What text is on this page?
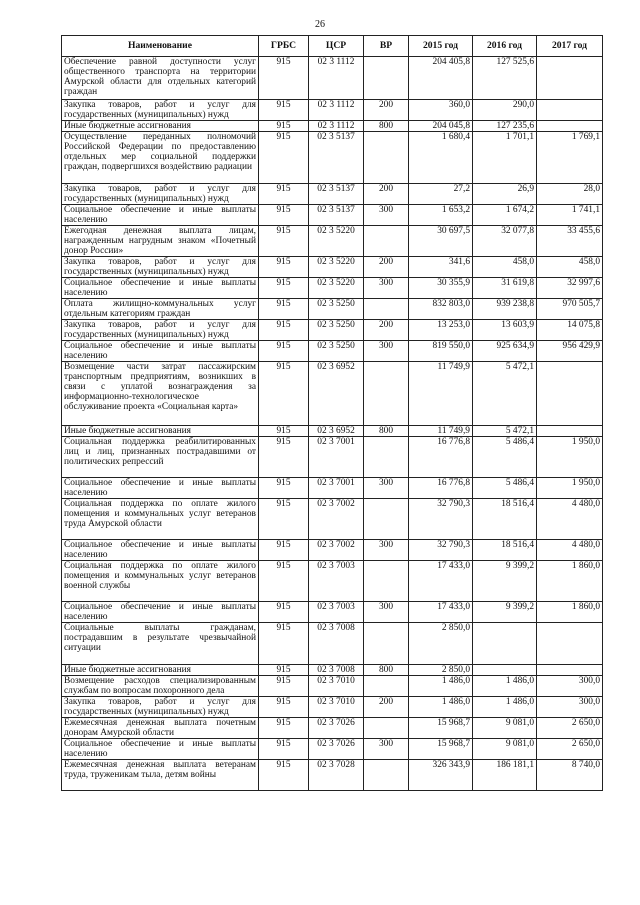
26
Наименование	ГРБС	ЦСР	ВР	2015 год	2016 год	2017 год
Обеспечение равной доступности услуг общественного транспорта на территории Амурской области для отдельных категорий граждан	915	02 3 1112		204 405,8	127 525,6	
Закупка товаров, работ и услуг для государственных (муниципальных) нужд	915	02 3 1112	200	360,0	290,0	
Иные бюджетные ассигнования	915	02 3 1112	800	204 045,8	127 235,6	
Осуществление переданных полномочий Российской Федерации по предоставлению отдельных мер социальной поддержки граждан, подвергшихся воздействию радиации	915	02 3 5137		1 680,4	1 701,1	1 769,1
Закупка товаров, работ и услуг для государственных (муниципальных) нужд	915	02 3 5137	200	27,2	26,9	28,0
Социальное обеспечение и иные выплаты населению	915	02 3 5137	300	1 653,2	1 674,2	1 741,1
Ежегодная денежная выплата лицам, награжденным нагрудным знаком «Почетный донор России»	915	02 3 5220		30 697,5	32 077,8	33 455,6
Закупка товаров, работ и услуг для государственных (муниципальных) нужд	915	02 3 5220	200	341,6	458,0	458,0
Социальное обеспечение и иные выплаты населению	915	02 3 5220	300	30 355,9	31 619,8	32 997,6
Оплата жилищно-коммунальных услуг отдельным категориям граждан	915	02 3 5250		832 803,0	939 238,8	970 505,7
Закупка товаров, работ и услуг для государственных (муниципальных) нужд	915	02 3 5250	200	13 253,0	13 603,9	14 075,8
Социальное обеспечение и иные выплаты населению	915	02 3 5250	300	819 550,0	925 634,9	956 429,9
Возмещение части затрат пассажирским транспортным предприятиям, возникших в связи с уплатой вознаграждения за информационно-технологическое обслуживание проекта «Социальная карта»	915	02 3 6952		11 749,9	5 472,1	
Иные бюджетные ассигнования	915	02 3 6952	800	11 749,9	5 472,1	
Социальная поддержка реабилитированных лиц и лиц, признанных пострадавшими от политических репрессий	915	02 3 7001		16 776,8	5 486,4	1 950,0
Социальное обеспечение и иные выплаты населению	915	02 3 7001	300	16 776,8	5 486,4	1 950,0
Социальная поддержка по оплате жилого помещения и коммунальных услуг ветеранов труда Амурской области	915	02 3 7002		32 790,3	18 516,4	4 480,0
Социальное обеспечение и иные выплаты населению	915	02 3 7002	300	32 790,3	18 516,4	4 480,0
Социальная поддержка по оплате жилого помещения и коммунальных услуг ветеранов военной службы	915	02 3 7003		17 433,0	9 399,2	1 860,0
Социальное обеспечение и иные выплаты населению	915	02 3 7003	300	17 433,0	9 399,2	1 860,0
Социальные выплаты гражданам, пострадавшим в результате чрезвычайной ситуации	915	02 3 7008		2 850,0		
Иные бюджетные ассигнования	915	02 3 7008	800	2 850,0		
Возмещение расходов специализированным службам по вопросам похоронного дела	915	02 3 7010		1 486,0	1 486,0	300,0
Закупка товаров, работ и услуг для государственных (муниципальных) нужд	915	02 3 7010	200	1 486,0	1 486,0	300,0
Ежемесячная денежная выплата почетным донорам Амурской области	915	02 3 7026		15 968,7	9 081,0	2 650,0
Социальное обеспечение и иные выплаты населению	915	02 3 7026	300	15 968,7	9 081,0	2 650,0
Ежемесячная денежная выплата ветеранам труда, труженикам тыла, детям войны	915	02 3 7028		326 343,9	186 181,1	8 740,0
